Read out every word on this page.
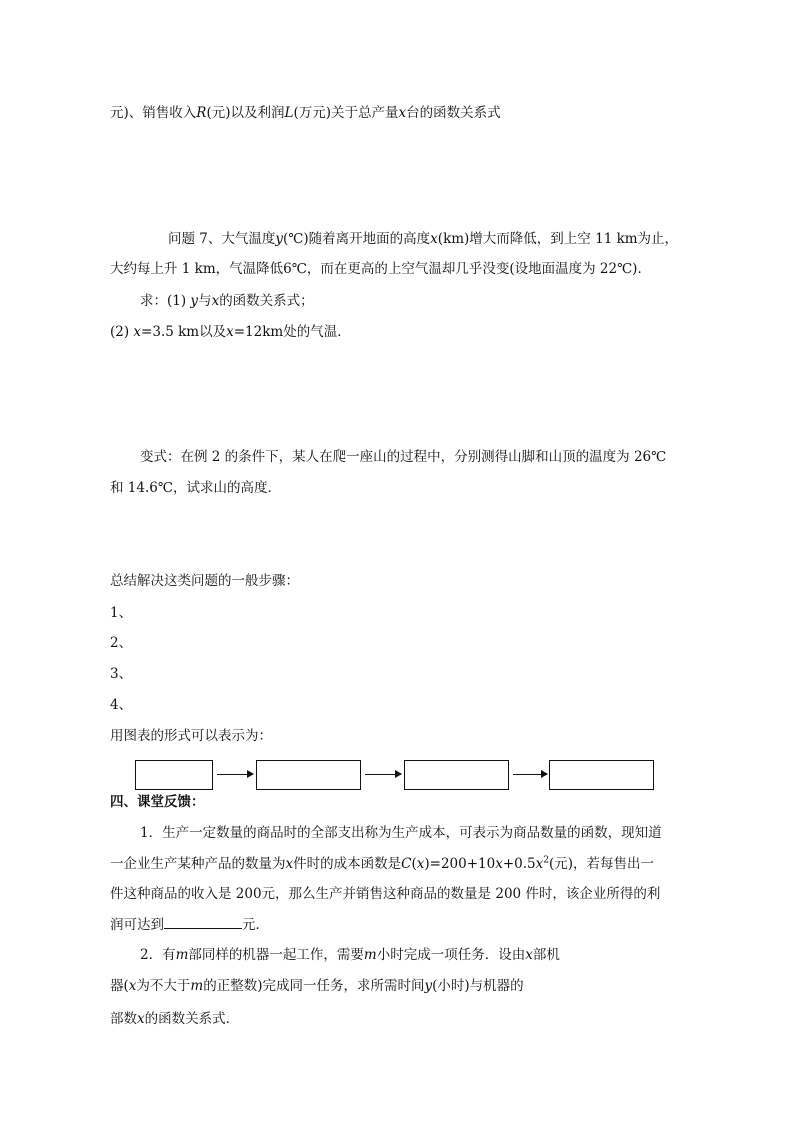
元)、销售收入R(元)以及利润L(万元)关于总产量x台的函数关系式
问题 7、大气温度y(℃)随着离开地面的高度x(km)增大而降低，到上空 11 km为止，
大约每上升 1 km，气温降低6℃，而在更高的上空气温却几乎没变(设地面温度为 22℃)．
求：(1) y与x的函数关系式；
(2) x=3.5 km以及x=12km处的气温．
变式：在例 2 的条件下，某人在爬一座山的过程中，分别测得山脚和山顶的温度为 26℃
和 14.6℃，试求山的高度．
总结解决这类问题的一般步骤：
1、
2、
3、
4、
用图表的形式可以表示为：
四、课堂反馈：
1．生产一定数量的商品时的全部支出称为生产成本，可表示为商品数量的函数，现知道
一企业生产某种产品的数量为x件时的成本函数是$C(x)=200+10x+0.5x^2$(元)，若每售出一
件这种商品的收入是 200元，那么生产并销售这种商品的数量是 200 件时，该企业所得的利
润可达到	元．
2．有m部同样的机器一起工作，需要m小时完成一项任务．设由x部机
器(x为不大于m的正整数)完成同一任务，求所需时间y(小时)与机器的
部数x的函数关系式．
